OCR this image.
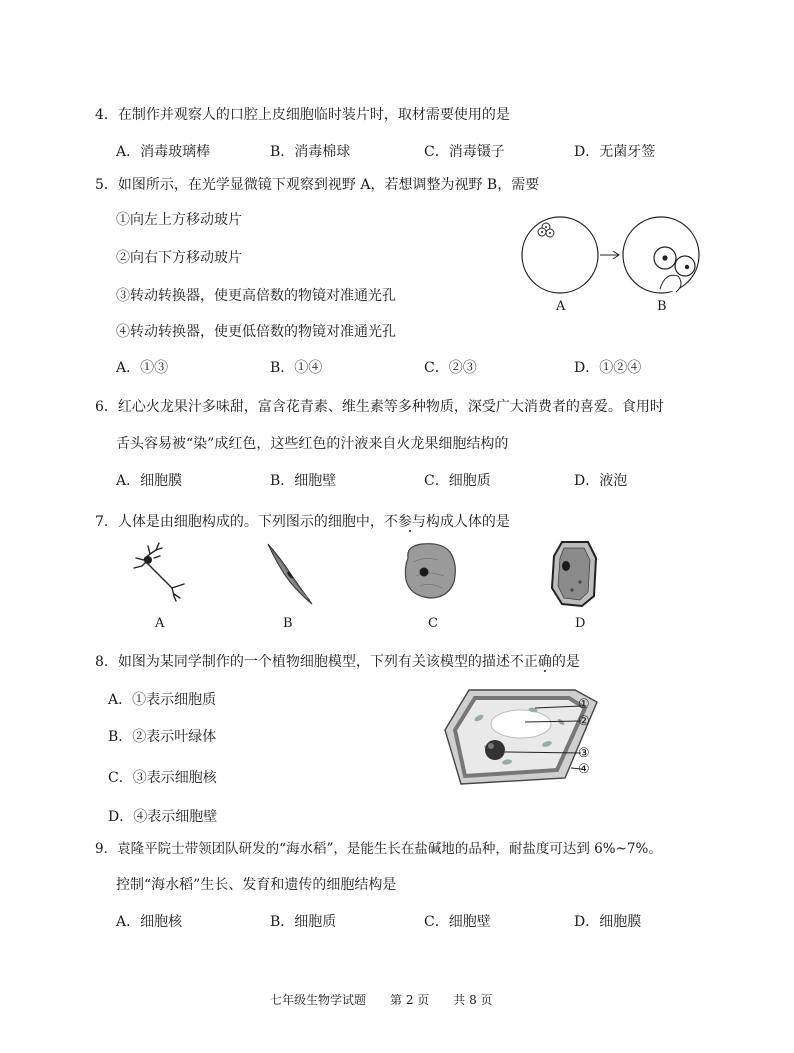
4．在制作并观察人的口腔上皮细胞临时装片时，取材需要使用的是
A．消毒玻璃棒	B．消毒棉球	C．消毒镊子	D．无菌牙签
5．如图所示，在光学显微镜下观察到视野 A，若想调整为视野 B，需要
①向左上方移动玻片
②向右下方移动玻片
③转动转换器，使更高倍数的物镜对准通光孔
④转动转换器，使更低倍数的物镜对准通光孔
A	B
A．①③	B．①④	C．②③	D．①②④
6．红心火龙果汁多味甜，富含花青素、维生素等多种物质，深受广大消费者的喜爱。食用时
舌头容易被“染”成红色，这些红色的汁液来自火龙果细胞结构的
A．细胞膜	B．细胞壁	C．细胞质	D．液泡
7．人体是由细胞构成的。下列图示的细胞中，不参与构成人体的是
A	B	C	D
8．如图为某同学制作的一个植物细胞模型，下列有关该模型的描述不正确的是
A．①表示细胞质
B．②表示叶绿体
C．③表示细胞核
D．④表示细胞壁
①
②
③
④
9．袁隆平院士带领团队研发的“海水稻”，是能生长在盐碱地的品种，耐盐度可达到 6%~7%。
控制“海水稻”生长、发育和遗传的细胞结构是
A．细胞核	B．细胞质	C．细胞壁	D．细胞膜
七年级生物学试题　　第 2 页　　共 8 页
